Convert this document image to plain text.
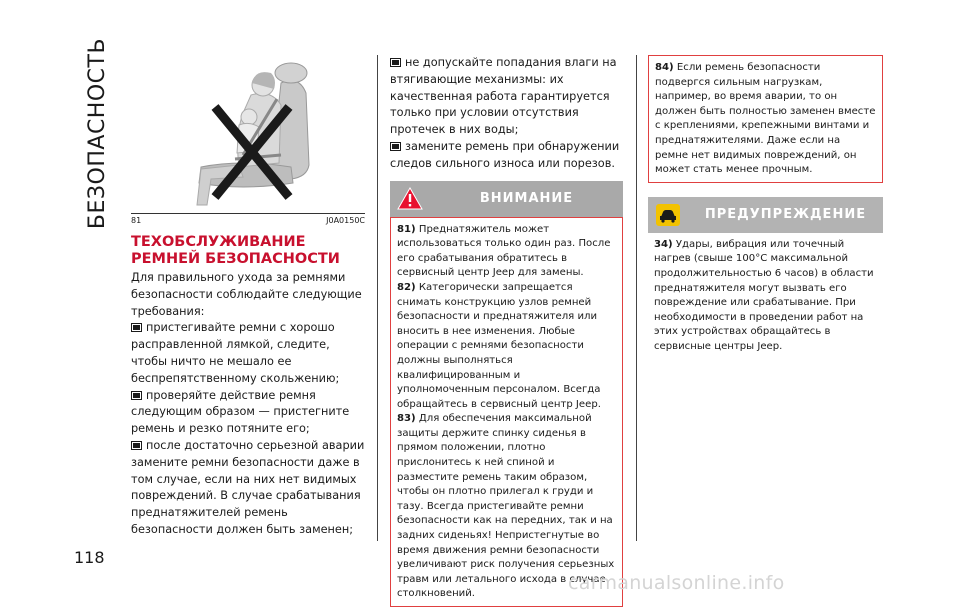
БЕЗОПАСНОСТЬ	81	J0A0150C
ТЕХОБСЛУЖИВАНИЕ РЕМНЕЙ БЕЗОПАСНОСТИ

Для правильного ухода за ремнями безопасности соблюдайте следующие требования:

пристегивайте ремни с хорошо расправленной лямкой, следите, чтобы ничто не мешало ее беспрепятственному скольжению;

проверяйте действие ремня следующим образом — пристегните ремень и резко потяните его;

после достаточно серьезной аварии замените ремни безопасности даже в том случае, если на них нет видимых повреждений. В случае срабатывания преднатяжителей ремень безопасности должен быть заменен;

не допускайте попадания влаги на втягивающие механизмы: их качественная работа гарантируется только при условии отсутствия протечек в них воды;

замените ремень при обнаружении следов сильного износа или порезов.

ВНИМАНИЕ

81) Преднатяжитель может использоваться только один раз. После его срабатывания обратитесь в сервисный центр Jeep для замены.

82) Категорически запрещается снимать конструкцию узлов ремней безопасности и преднатяжителя или вносить в нее изменения. Любые операции с ремнями безопасности должны выполняться квалифицированным и уполномоченным персоналом. Всегда обращайтесь в сервисный центр Jeep.

83) Для обеспечения максимальной защиты держите спинку сиденья в прямом положении, плотно прислонитесь к ней спиной и разместите ремень таким образом, чтобы он плотно прилегал к груди и тазу. Всегда пристегивайте ремни безопасности как на передних, так и на задних сиденьях! Непристегнутые во время движения ремни безопасности увеличивают риск получения серьезных травм или летального исхода в случае столкновений.

84) Если ремень безопасности подвергся сильным нагрузкам, например, во время аварии, то он должен быть полностью заменен вместе с креплениями, крепежными винтами и преднатяжителями. Даже если на ремне нет видимых повреждений, он может стать менее прочным.

ПРЕДУПРЕЖДЕНИЕ

34) Удары, вибрация или точечный нагрев (свыше 100°C максимальной продолжительностью 6 часов) в области преднатяжителя могут вызвать его повреждение или срабатывание. При необходимости в проведении работ на этих устройствах обращайтесь в сервисные центры Jeep.

118
carmanualsonline.info
